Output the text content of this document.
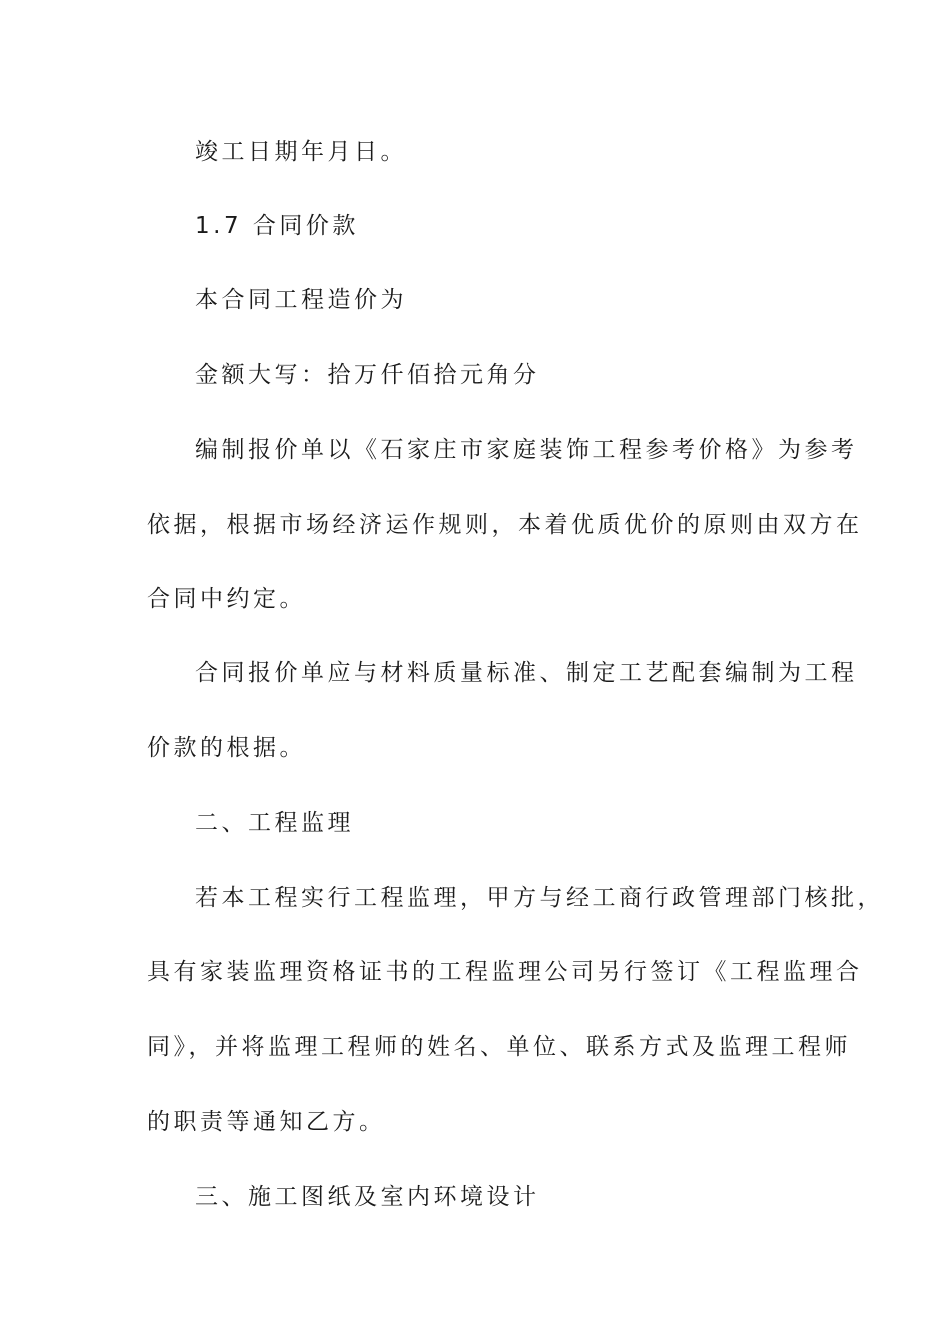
竣工日期年月日。
1.7 合同价款
本合同工程造价为
金额大写：拾万仟佰拾元角分
编制报价单以《石家庄市家庭装饰工程参考价格》为参考
依据，根据市场经济运作规则，本着优质优价的原则由双方在
合同中约定。
合同报价单应与材料质量标准、制定工艺配套编制为工程
价款的根据。
二、工程监理
若本工程实行工程监理，甲方与经工商行政管理部门核批，
具有家装监理资格证书的工程监理公司另行签订《工程监理合
同》，并将监理工程师的姓名、单位、联系方式及监理工程师
的职责等通知乙方。
三、施工图纸及室内环境设计
